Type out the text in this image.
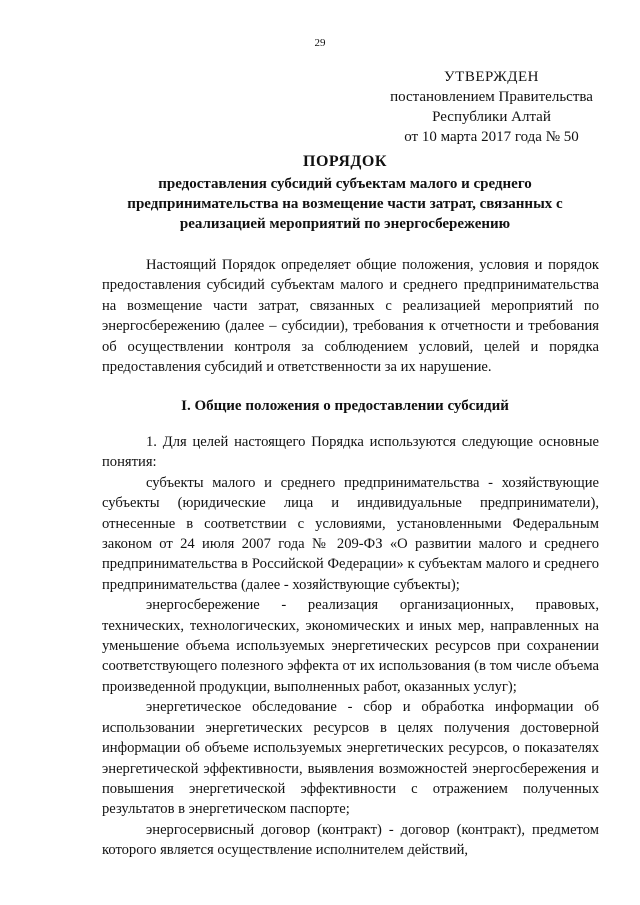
29
УТВЕРЖДЕН
постановлением Правительства
Республики Алтай
от 10 марта 2017 года № 50
ПОРЯДОК
предоставления субсидий субъектам малого и среднего
предпринимательства на возмещение части затрат, связанных с
реализацией мероприятий по энергосбережению

Настоящий Порядок определяет общие положения, условия и порядок предоставления субсидий субъектам малого и среднего предпринимательства на возмещение части затрат, связанных с реализацией мероприятий по энергосбережению (далее – субсидии), требования к отчетности и требования об осуществлении контроля за соблюдением условий, целей и порядка предоставления субсидий и ответственности за их нарушение.

I. Общие положения о предоставлении субсидий

1. Для целей настоящего Порядка используются следующие основные понятия:

субъекты малого и среднего предпринимательства - хозяйствующие субъекты (юридические лица и индивидуальные предприниматели), отнесенные в соответствии с условиями, установленными Федеральным законом от 24 июля 2007 года № 209-ФЗ «О развитии малого и среднего предпринимательства в Российской Федерации» к субъектам малого и среднего предпринимательства (далее - хозяйствующие субъекты);

энергосбережение - реализация организационных, правовых, технических, технологических, экономических и иных мер, направленных на уменьшение объема используемых энергетических ресурсов при сохранении соответствующего полезного эффекта от их использования (в том числе объема произведенной продукции, выполненных работ, оказанных услуг);

энергетическое обследование - сбор и обработка информации об использовании энергетических ресурсов в целях получения достоверной информации об объеме используемых энергетических ресурсов, о показателях энергетической эффективности, выявления возможностей энергосбережения и повышения энергетической эффективности с отражением полученных результатов в энергетическом паспорте;

энергосервисный договор (контракт) - договор (контракт), предметом которого является осуществление исполнителем действий,
